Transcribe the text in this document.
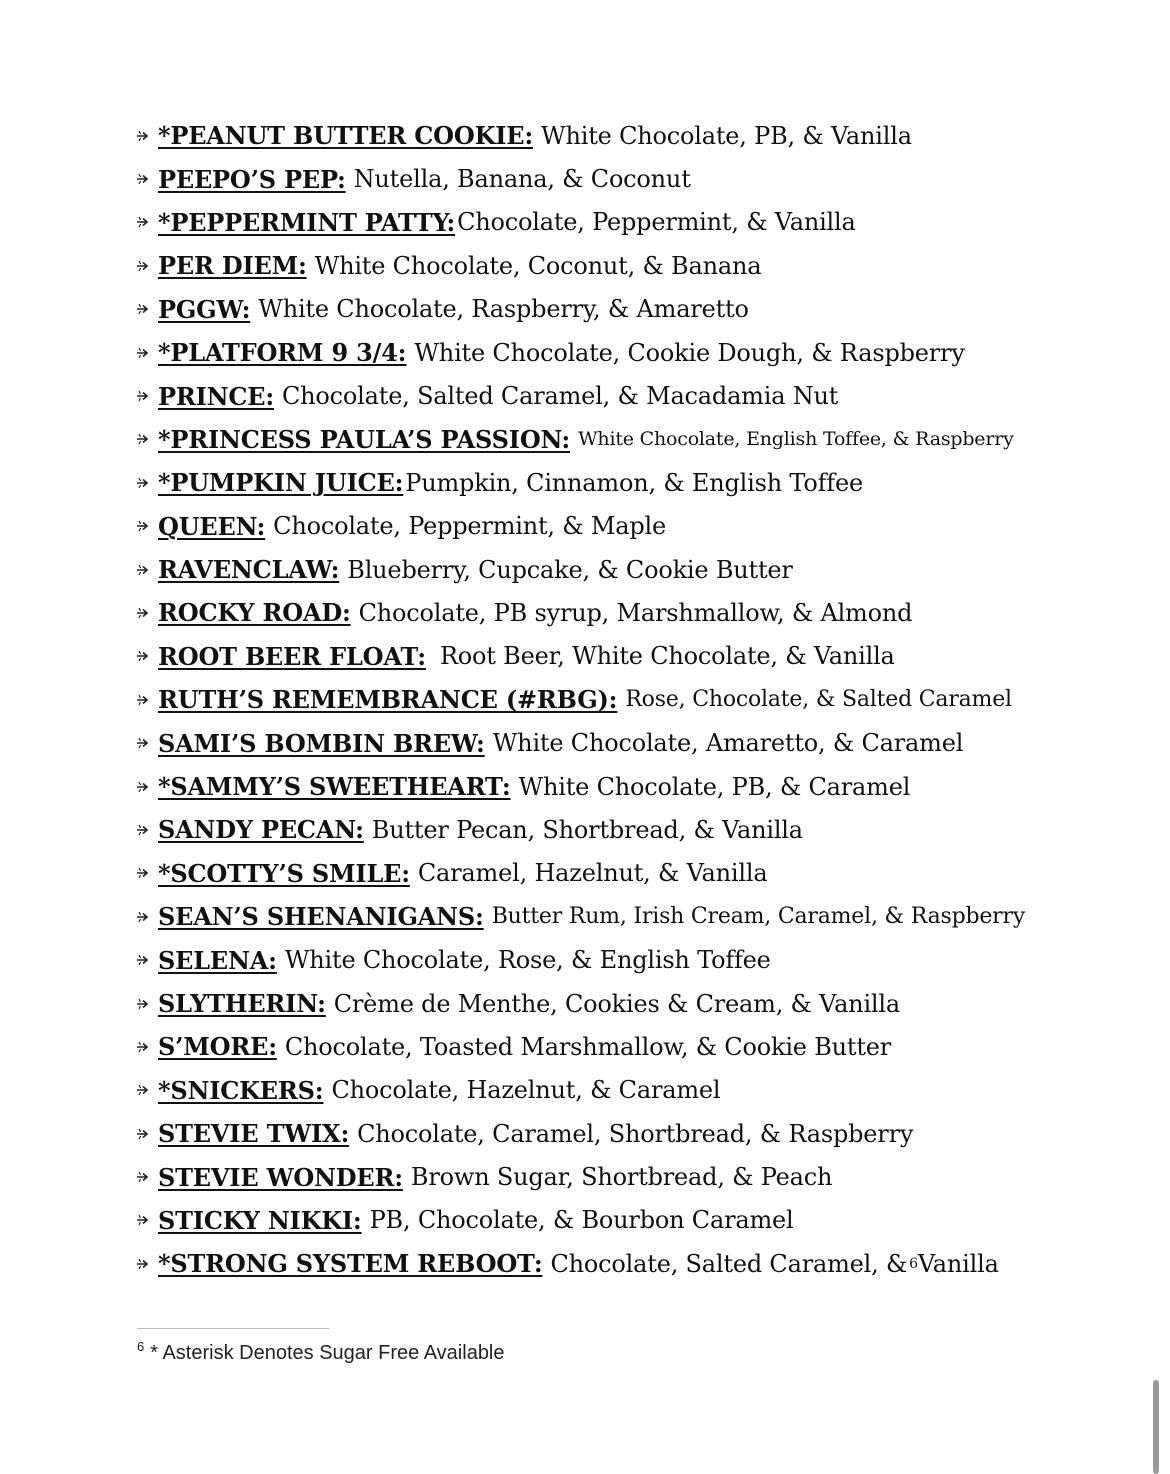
*PEANUT BUTTER COOKIE: White Chocolate, PB, & Vanilla
PEEPO’S PEP: Nutella, Banana, & Coconut
*PEPPERMINT PATTY: Chocolate, Peppermint, & Vanilla
PER DIEM: White Chocolate, Coconut, & Banana
PGGW: White Chocolate, Raspberry, & Amaretto
*PLATFORM 9 3/4: White Chocolate, Cookie Dough, & Raspberry
PRINCE: Chocolate, Salted Caramel, & Macadamia Nut
*PRINCESS PAULA’S PASSION: White Chocolate, English Toffee, & Raspberry
*PUMPKIN JUICE: Pumpkin, Cinnamon, & English Toffee
QUEEN: Chocolate, Peppermint, & Maple
RAVENCLAW: Blueberry, Cupcake, & Cookie Butter
ROCKY ROAD: Chocolate, PB syrup, Marshmallow, & Almond
ROOT BEER FLOAT: Root Beer, White Chocolate, & Vanilla
RUTH’S REMEMBRANCE (#RBG): Rose, Chocolate, & Salted Caramel
SAMI’S BOMBIN BREW: White Chocolate, Amaretto, & Caramel
*SAMMY’S SWEETHEART: White Chocolate, PB, & Caramel
SANDY PECAN: Butter Pecan, Shortbread, & Vanilla
*SCOTTY’S SMILE: Caramel, Hazelnut, & Vanilla
SEAN’S SHENANIGANS: Butter Rum, Irish Cream, Caramel, & Raspberry
SELENA: White Chocolate, Rose, & English Toffee
SLYTHERIN: Crème de Menthe, Cookies & Cream, & Vanilla
S’MORE: Chocolate, Toasted Marshmallow, & Cookie Butter
*SNICKERS: Chocolate, Hazelnut, & Caramel
STEVIE TWIX: Chocolate, Caramel, Shortbread, & Raspberry
STEVIE WONDER: Brown Sugar, Shortbread, & Peach
STICKY NIKKI: PB, Chocolate, & Bourbon Caramel
*STRONG SYSTEM REBOOT: Chocolate, Salted Caramel, & 6 Vanilla
$^6$ * Asterisk Denotes Sugar Free Available
